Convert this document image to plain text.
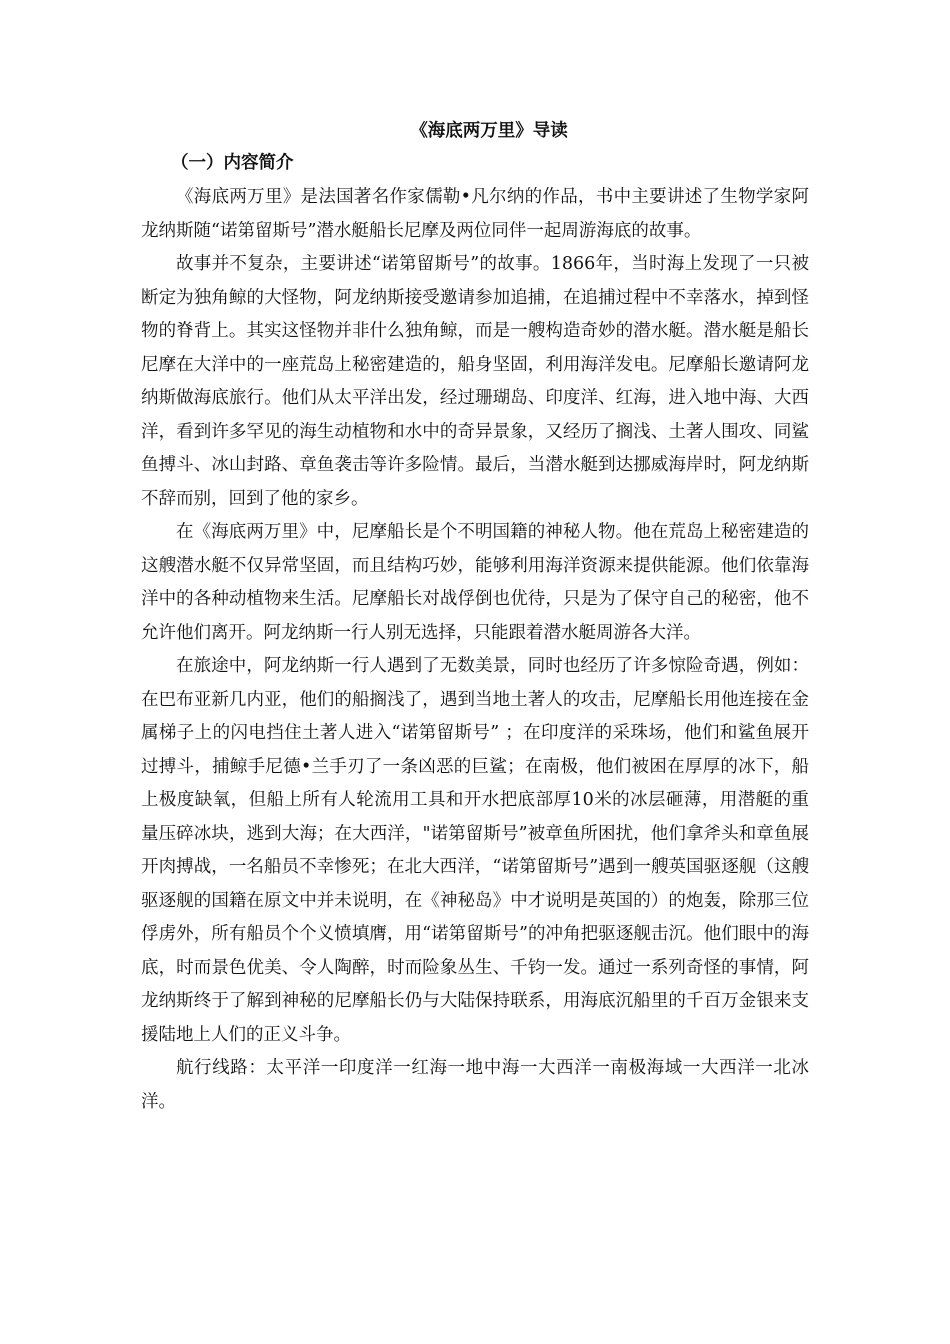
《海底两万里》导读
（一）内容简介

《海底两万里》是法国著名作家儒勒•凡尔纳的作品，书中主要讲述了生物学家阿龙纳斯随“诺第留斯号”潜水艇船长尼摩及两位同伴一起周游海底的故事。

故事并不复杂，主要讲述“诺第留斯号”的故事。1866年，当时海上发现了一只被断定为独角鲸的大怪物，阿龙纳斯接受邀请参加追捕，在追捕过程中不幸落水，掉到怪物的脊背上。其实这怪物并非什么独角鲸，而是一艘构造奇妙的潜水艇。潜水艇是船长尼摩在大洋中的一座荒岛上秘密建造的，船身坚固，利用海洋发电。尼摩船长邀请阿龙纳斯做海底旅行。他们从太平洋出发，经过珊瑚岛、印度洋、红海，进入地中海、大西洋，看到许多罕见的海生动植物和水中的奇异景象，又经历了搁浅、土著人围攻、同鲨鱼搏斗、冰山封路、章鱼袭击等许多险情。最后，当潜水艇到达挪威海岸时，阿龙纳斯不辞而别，回到了他的家乡。

在《海底两万里》中，尼摩船长是个不明国籍的神秘人物。他在荒岛上秘密建造的这艘潜水艇不仅异常坚固，而且结构巧妙，能够利用海洋资源来提供能源。他们依靠海洋中的各种动植物来生活。尼摩船长对战俘倒也优待，只是为了保守自己的秘密，他不允许他们离开。阿龙纳斯一行人别无选择，只能跟着潜水艇周游各大洋。

在旅途中，阿龙纳斯一行人遇到了无数美景，同时也经历了许多惊险奇遇，例如：在巴布亚新几内亚，他们的船搁浅了，遇到当地土著人的攻击，尼摩船长用他连接在金属梯子上的闪电挡住土著人进入“诺第留斯号” ；在印度洋的采珠场，他们和鲨鱼展开过搏斗，捕鲸手尼德•兰手刃了一条凶恶的巨鲨；在南极，他们被困在厚厚的冰下，船上极度缺氧，但船上所有人轮流用工具和开水把底部厚10米的冰层砸薄，用潜艇的重量压碎冰块，逃到大海；在大西洋，"诺第留斯号”被章鱼所困扰，他们拿斧头和章鱼展开肉搏战，一名船员不幸惨死；在北大西洋，“诺第留斯号”遇到一艘英国驱逐舰（这艘驱逐舰的国籍在原文中并未说明，在《神秘岛》中才说明是英国的）的炮轰，除那三位俘虏外，所有船员个个义愤填膺，用“诺第留斯号”的冲角把驱逐舰击沉。他们眼中的海底，时而景色优美、令人陶醉，时而险象丛生、千钧一发。通过一系列奇怪的事情，阿龙纳斯终于了解到神秘的尼摩船长仍与大陆保持联系，用海底沉船里的千百万金银来支援陆地上人们的正义斗争。

航行线路：太平洋一印度洋一红海一地中海一大西洋一南极海域一大西洋一北冰洋。
